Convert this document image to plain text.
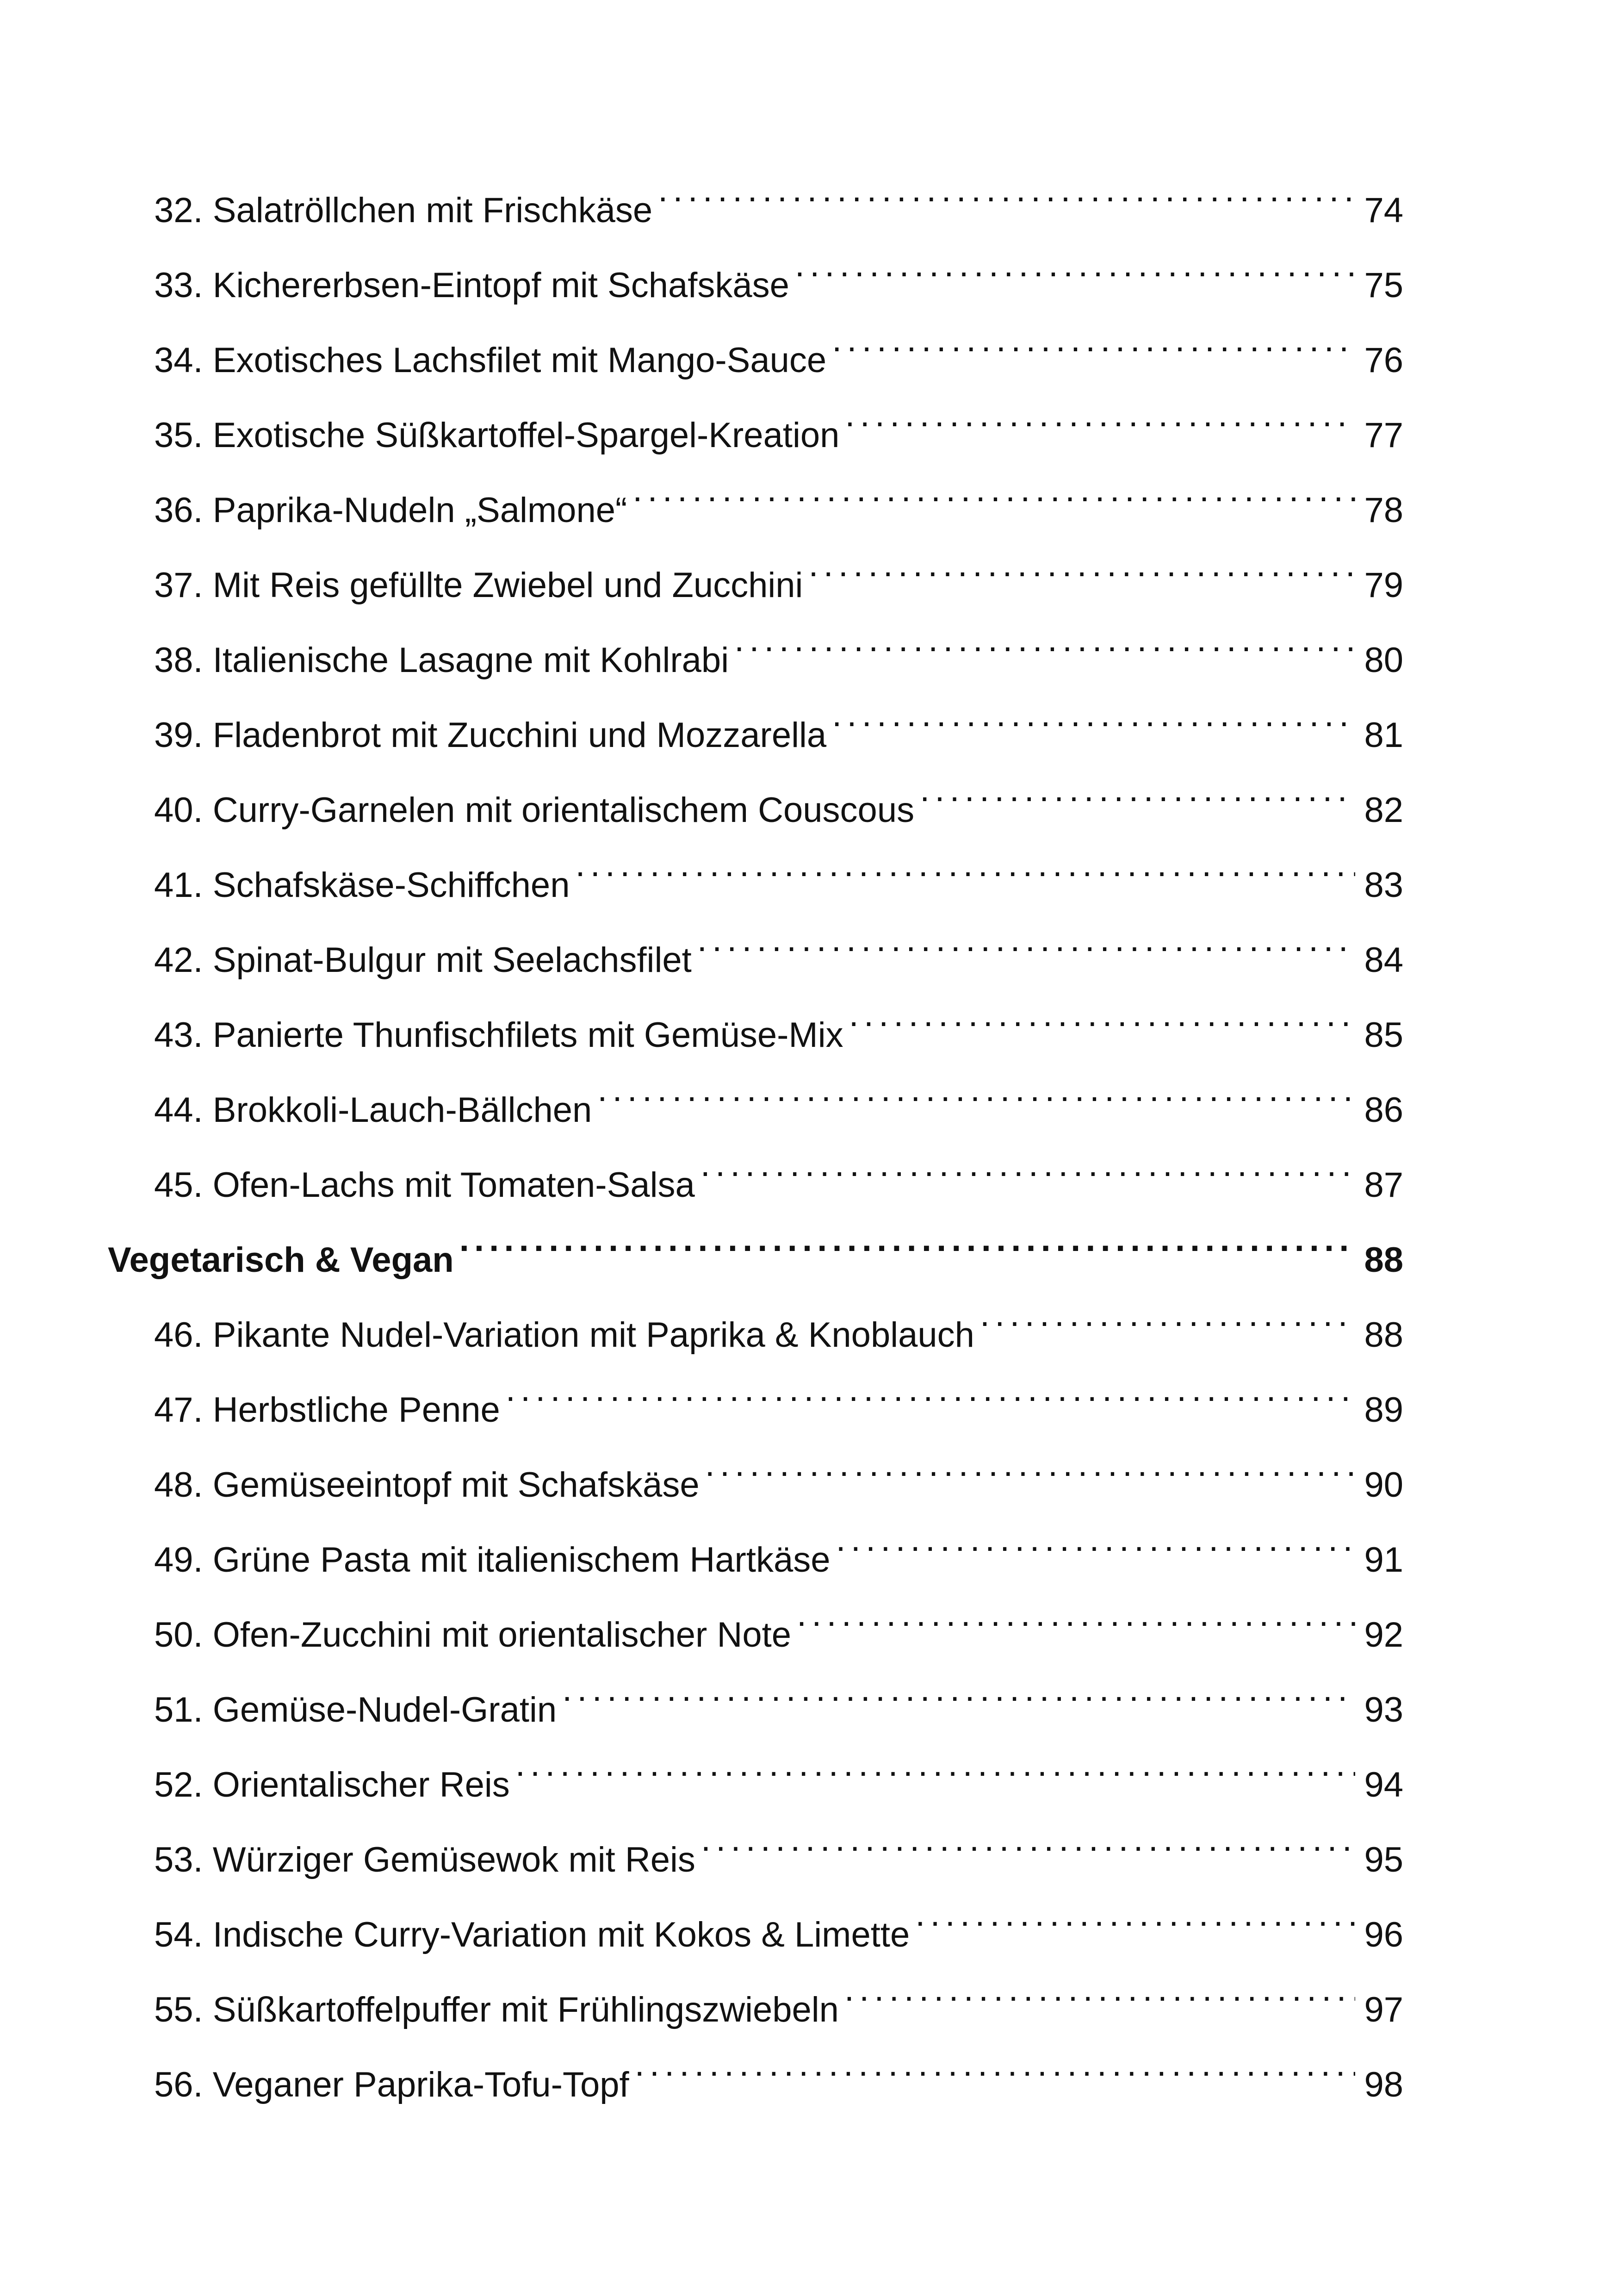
32. Salatröllchen mit Frischkäse . . .	74
33. Kichererbsen-Eintopf mit Schafskäse . . .	75
34. Exotisches Lachsfilet mit Mango-Sauce . . .	76
35. Exotische Süßkartoffel-Spargel-Kreation . . .	77
36. Paprika-Nudeln „Salmone“ . . .	78
37. Mit Reis gefüllte Zwiebel und Zucchini . . .	79
38. Italienische Lasagne mit Kohlrabi . . .	80
39. Fladenbrot mit Zucchini und Mozzarella . . .	81
40. Curry-Garnelen mit orientalischem Couscous . . .	82
41. Schafskäse-Schiffchen . . .	83
42. Spinat-Bulgur mit Seelachsfilet . . .	84
43. Panierte Thunfischfilets mit Gemüse-Mix . . .	85
44. Brokkoli-Lauch-Bällchen . . .	86
45. Ofen-Lachs mit Tomaten-Salsa . . .	87
Vegetarisch & Vegan . . .	88
46. Pikante Nudel-Variation mit Paprika & Knoblauch . . .	88
47. Herbstliche Penne . . .	89
48. Gemüseeintopf mit Schafskäse . . .	90
49. Grüne Pasta mit italienischem Hartkäse . . .	91
50. Ofen-Zucchini mit orientalischer Note . . .	92
51. Gemüse-Nudel-Gratin . . .	93
52. Orientalischer Reis . . .	94
53. Würziger Gemüsewok mit Reis . . .	95
54. Indische Curry-Variation mit Kokos & Limette . . .	96
55. Süßkartoffelpuffer mit Frühlingszwiebeln . . .	97
56. Veganer Paprika-Tofu-Topf . . .	98
